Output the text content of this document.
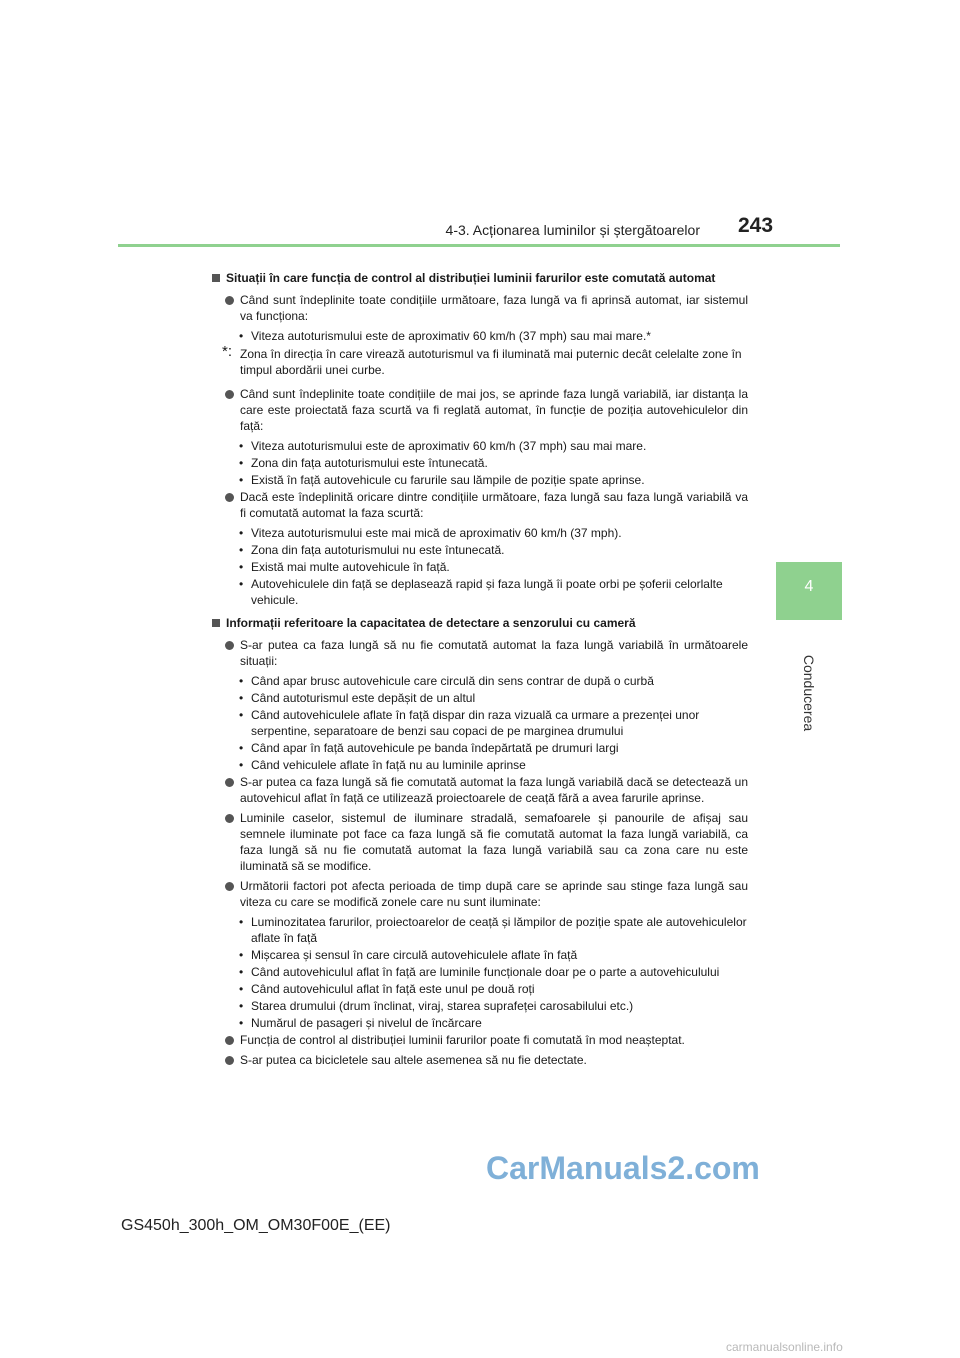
4-3. Acționarea luminilor și ștergătoarelor 243
4
Conducerea
Situații în care funcția de control al distribuției luminii farurilor este comutată automat
Când sunt îndeplinite toate condițiile următoare, faza lungă va fi aprinsă automat, iar sistemul va funcționa:
• Viteza autoturismului este de aproximativ 60 km/h (37 mph) sau mai mare.*
*: Zona în direcția în care virează autoturismul va fi iluminată mai puternic decât celelalte zone în timpul abordării unei curbe.
Când sunt îndeplinite toate condițiile de mai jos, se aprinde faza lungă variabilă, iar distanța la care este proiectată faza scurtă va fi reglată automat, în funcție de poziția autovehiculelor din față:
• Viteza autoturismului este de aproximativ 60 km/h (37 mph) sau mai mare.
• Zona din fața autoturismului este întunecată.
• Există în față autovehicule cu farurile sau lămpile de poziție spate aprinse.
Dacă este îndeplinită oricare dintre condițiile următoare, faza lungă sau faza lungă variabilă va fi comutată automat la faza scurtă:
• Viteza autoturismului este mai mică de aproximativ 60 km/h (37 mph).
• Zona din fața autoturismului nu este întunecată.
• Există mai multe autovehicule în față.
• Autovehiculele din față se deplasează rapid și faza lungă îi poate orbi pe șoferii celorlalte vehicule.
Informații referitoare la capacitatea de detectare a senzorului cu cameră
S-ar putea ca faza lungă să nu fie comutată automat la faza lungă variabilă în următoarele situații:
• Când apar brusc autovehicule care circulă din sens contrar de după o curbă
• Când autoturismul este depășit de un altul
• Când autovehiculele aflate în față dispar din raza vizuală ca urmare a prezenței unor serpentine, separatoare de benzi sau copaci de pe marginea drumului
• Când apar în față autovehicule pe banda îndepărtată pe drumuri largi
• Când vehiculele aflate în față nu au luminile aprinse
S-ar putea ca faza lungă să fie comutată automat la faza lungă variabilă dacă se detectează un autovehicul aflat în față ce utilizează proiectoarele de ceață fără a avea farurile aprinse.
Luminile caselor, sistemul de iluminare stradală, semafoarele și panourile de afișaj sau semnele iluminate pot face ca faza lungă să fie comutată automat la faza lungă variabilă, ca faza lungă să nu fie comutată automat la faza lungă variabilă sau ca zona care nu este iluminată să se modifice.
Următorii factori pot afecta perioada de timp după care se aprinde sau stinge faza lungă sau viteza cu care se modifică zonele care nu sunt iluminate:
• Luminozitatea farurilor, proiectoarelor de ceață și lămpilor de poziție spate ale autovehiculelor aflate în față
• Mișcarea și sensul în care circulă autovehiculele aflate în față
• Când autovehiculul aflat în față are luminile funcționale doar pe o parte a autovehiculului
• Când autovehiculul aflat în față este unul pe două roți
• Starea drumului (drum înclinat, viraj, starea suprafeței carosabilului etc.)
• Numărul de pasageri și nivelul de încărcare
Funcția de control al distribuției luminii farurilor poate fi comutată în mod neașteptat.
S-ar putea ca bicicletele sau altele asemenea să nu fie detectate.
CarManuals2.com
GS450h_300h_OM_OM30F00E_(EE)
carmanualsonline.info
